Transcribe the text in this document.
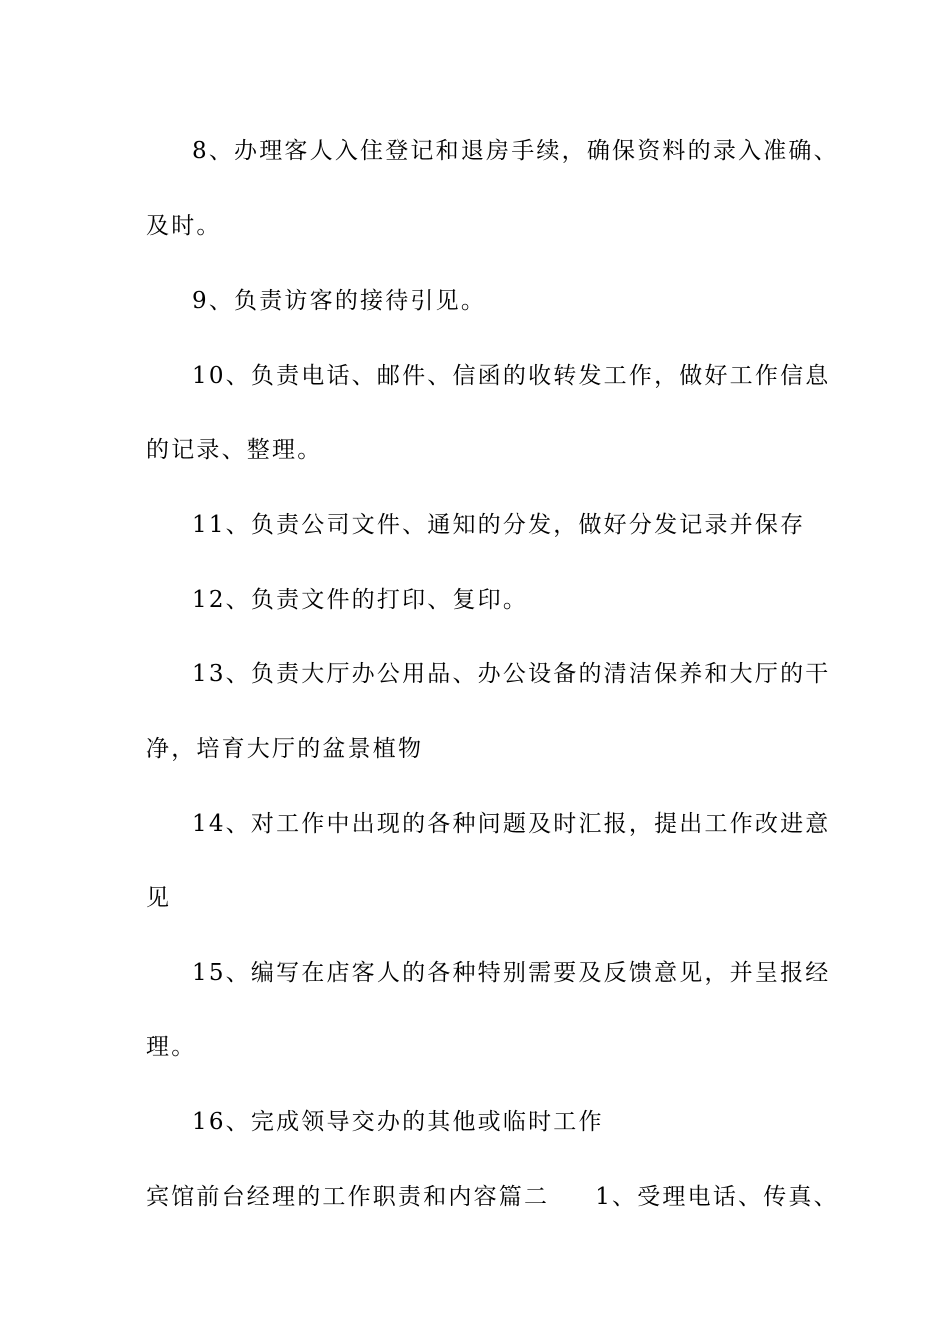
8、办理客人入住登记和退房手续，确保资料的录入准确、
及时。
9、负责访客的接待引见。
10、负责电话、邮件、信函的收转发工作，做好工作信息
的记录、整理。
11、负责公司文件、通知的分发，做好分发记录并保存
12、负责文件的打印、复印。
13、负责大厅办公用品、办公设备的清洁保养和大厅的干
净，培育大厅的盆景植物
14、对工作中出现的各种问题及时汇报，提出工作改进意
见
15、编写在店客人的各种特别需要及反馈意见，并呈报经
理。
16、完成领导交办的其他或临时工作
宾馆前台经理的工作职责和内容篇二 1、受理电话、传真、
